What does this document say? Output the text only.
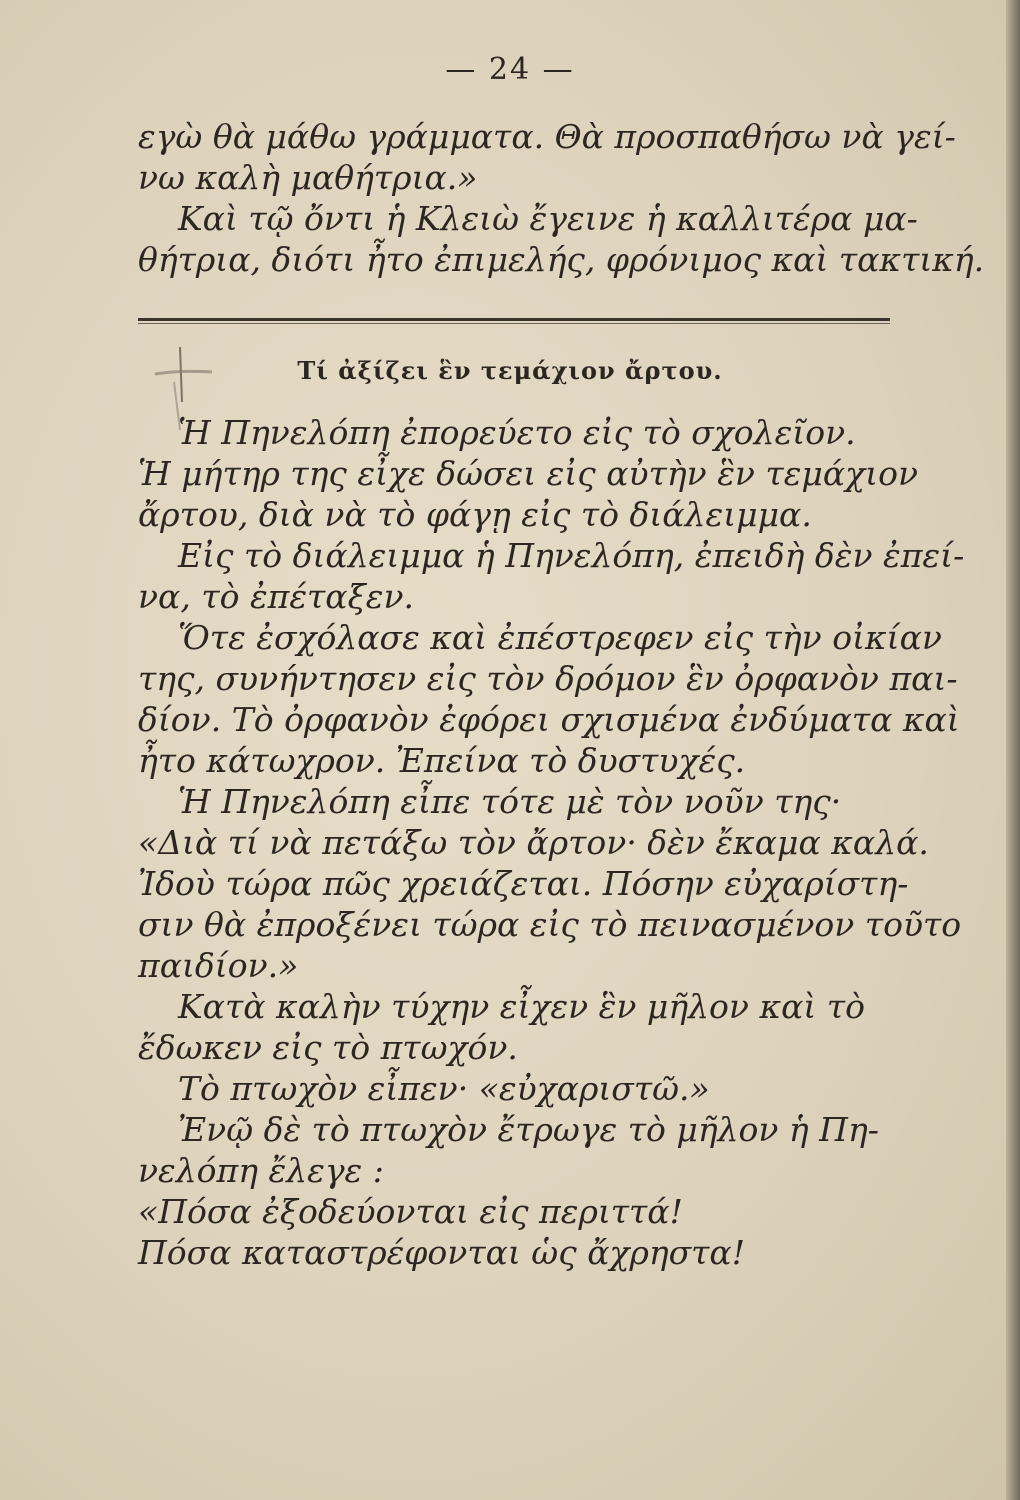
— 24 —

εγὼ θὰ μάθω γράμματα. Θὰ προσπαθήσω νὰ γεί-

νω καλὴ μαθήτρια.»

Καὶ τῷ ὄντι ἡ Κλειὼ ἔγεινε ἡ καλλιτέρα μα-

θήτρια, διότι ἦτο ἐπιμελής, φρόνιμος καὶ τακτική.

Τί ἀξίζει ἓν τεμάχιον ἄρτου.

Ἡ Πηνελόπη ἐπορεύετο εἰς τὸ σχολεῖον.

Ἡ μήτηρ της εἶχε δώσει εἰς αὐτὴν ἓν τεμάχιον

ἄρτου, διὰ νὰ τὸ φάγῃ εἰς τὸ διάλειμμα.

Εἰς τὸ διάλειμμα ἡ Πηνελόπη, ἐπειδὴ δὲν ἐπεί-

να, τὸ ἐπέταξεν.

Ὅτε ἐσχόλασε καὶ ἐπέστρεφεν εἰς τὴν οἰκίαν

της, συνήντησεν εἰς τὸν δρόμον ἓν ὀρφανὸν παι-

δίον. Τὸ ὀρφανὸν ἐφόρει σχισμένα ἐνδύματα καὶ

ἦτο κάτωχρον. Ἐπείνα τὸ δυστυχές.

Ἡ Πηνελόπη εἶπε τότε μὲ τὸν νοῦν της·

«Διὰ τί νὰ πετάξω τὸν ἄρτον· δὲν ἔκαμα καλά.

Ἰδοὺ τώρα πῶς χρειάζεται. Πόσην εὐχαρίστη-

σιν θὰ ἐπροξένει τώρα εἰς τὸ πεινασμένον τοῦτο

παιδίον.»

Κατὰ καλὴν τύχην εἶχεν ἓν μῆλον καὶ τὸ

ἔδωκεν εἰς τὸ πτωχόν.

Τὸ πτωχὸν εἶπεν· «εὐχαριστῶ.»

Ἐνῷ δὲ τὸ πτωχὸν ἔτρωγε τὸ μῆλον ἡ Πη-

νελόπη ἔλεγε :

«Πόσα ἐξοδεύονται εἰς περιττά!

Πόσα καταστρέφονται ὡς ἄχρηστα!
